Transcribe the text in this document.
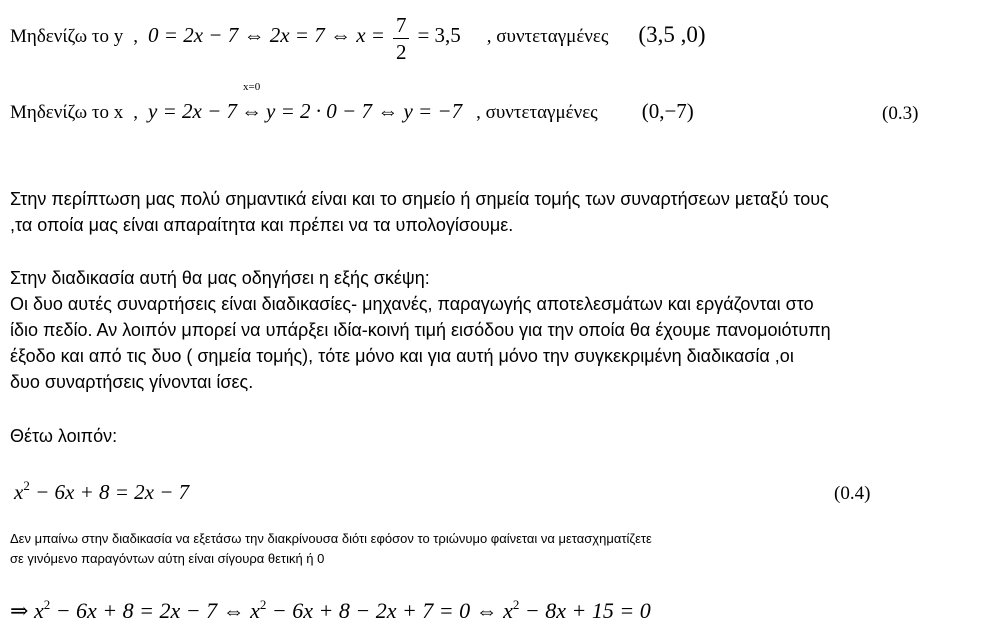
Μηδενίζω το y , 0 = 2x − 7 ⇔ 2x = 7 ⇔ $x = \frac{7}{2} = 3,5$ , συντεταγμένες (3,5 ,0)
Μηδενίζω το x , y = 2x − 7
x=0
⇔ y = 2 · 0 − 7 ⇔ y = −7 , συντεταγμένες (0,−7)	(0.3)
Στην περίπτωση μας πολύ σημαντικά είναι και το σημείο ή σημεία τομής των συναρτήσεων μεταξύ τους
,τα οποία μας είναι απαραίτητα και πρέπει να τα υπολογίσουμε.
Στην διαδικασία αυτή θα μας οδηγήσει η εξής σκέψη:
Οι δυο αυτές συναρτήσεις είναι διαδικασίες- μηχανές, παραγωγής αποτελεσμάτων και εργάζονται στο
ίδιο πεδίο. Αν λοιπόν μπορεί να υπάρξει ιδία-κοινή τιμή εισόδου για την οποία θα έχουμε πανομοιότυπη
έξοδο και από τις δυο ( σημεία τομής), τότε μόνο και για αυτή μόνο την συγκεκριμένη διαδικασία ,οι
δυο συναρτήσεις γίνονται ίσες.
Θέτω λοιπόν:
$x^2 - 6x + 8 = 2x - 7$	(0.4)
Δεν μπαίνω στην διαδικασία να εξετάσω την διακρίνουσα διότι εφόσον το τριώνυμο φαίνεται να μετασχηματίζετε
σε γινόμενο παραγόντων αύτη είναι σίγουρα θετική ή 0
⇒ $x^2 - 6x + 8 = 2x - 7$ ⇔ $x^2 - 6x + 8 - 2x + 7 = 0$ ⇔ $x^2 - 8x + 15 = 0$
